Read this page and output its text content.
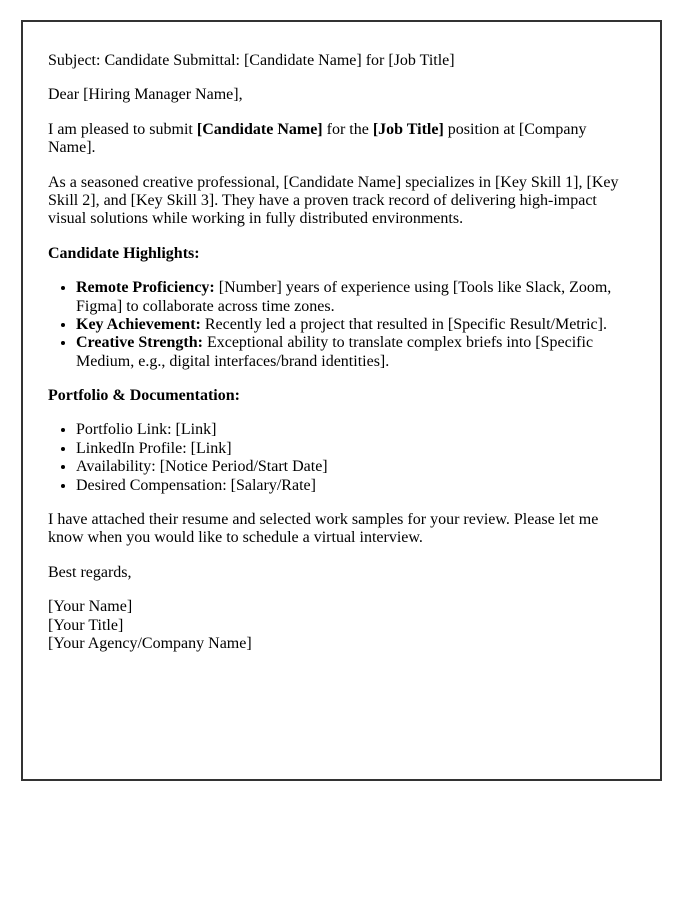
Subject: Candidate Submittal: [Candidate Name] for [Job Title]

Dear [Hiring Manager Name],

I am pleased to submit [Candidate Name] for the [Job Title] position at [Company Name].

As a seasoned creative professional, [Candidate Name] specializes in [Key Skill 1], [Key Skill 2], and [Key Skill 3]. They have a proven track record of delivering high-impact visual solutions while working in fully distributed environments.

Candidate Highlights:

• Remote Proficiency: [Number] years of experience using [Tools like Slack, Zoom, Figma] to collaborate across time zones.
• Key Achievement: Recently led a project that resulted in [Specific Result/Metric].
• Creative Strength: Exceptional ability to translate complex briefs into [Specific Medium, e.g., digital interfaces/brand identities].

Portfolio & Documentation:

• Portfolio Link: [Link]
• LinkedIn Profile: [Link]
• Availability: [Notice Period/Start Date]
• Desired Compensation: [Salary/Rate]

I have attached their resume and selected work samples for your review. Please let me know when you would like to schedule a virtual interview.

Best regards,

[Your Name]
[Your Title]
[Your Agency/Company Name]
